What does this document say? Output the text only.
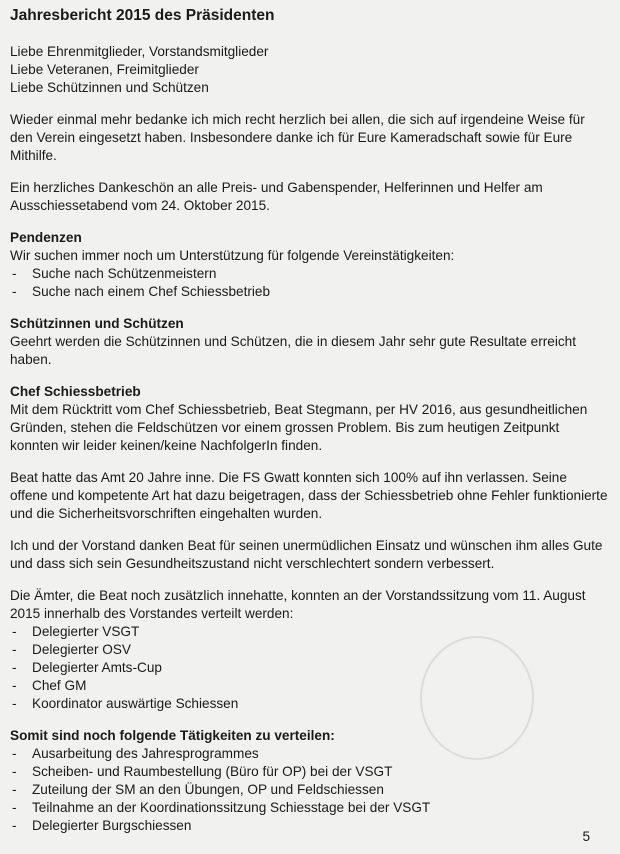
Jahresbericht 2015 des Präsidenten

Liebe Ehrenmitglieder, Vorstandsmitglieder

Liebe Veteranen, Freimitglieder

Liebe Schützinnen und Schützen

Wieder einmal mehr bedanke ich mich recht herzlich bei allen, die sich auf irgendeine Weise für den Verein eingesetzt haben. Insbesondere danke ich für Eure Kameradschaft sowie für Eure Mithilfe.

Ein herzliches Dankeschön an alle Preis- und Gabenspender, Helferinnen und Helfer am Ausschiessetabend vom 24. Oktober 2015.

Pendenzen

Wir suchen immer noch um Unterstützung für folgende Vereinstätigkeiten:

- Suche nach Schützenmeistern
- Suche nach einem Chef Schiessbetrieb
Schützinnen und Schützen

Geehrt werden die Schützinnen und Schützen, die in diesem Jahr sehr gute Resultate erreicht haben.

Chef Schiessbetrieb

Mit dem Rücktritt vom Chef Schiessbetrieb, Beat Stegmann, per HV 2016, aus gesundheitlichen Gründen, stehen die Feldschützen vor einem grossen Problem. Bis zum heutigen Zeitpunkt konnten wir leider keinen/keine NachfolgerIn finden.

Beat hatte das Amt 20 Jahre inne. Die FS Gwatt konnten sich 100% auf ihn verlassen. Seine offene und kompetente Art hat dazu beigetragen, dass der Schiessbetrieb ohne Fehler funktionierte und die Sicherheitsvorschriften eingehalten wurden.

Ich und der Vorstand danken Beat für seinen unermüdlichen Einsatz und wünschen ihm alles Gute und dass sich sein Gesundheitszustand nicht verschlechtert sondern verbessert.

Die Ämter, die Beat noch zusätzlich innehatte, konnten an der Vorstandssitzung vom 11. August 2015 innerhalb des Vorstandes verteilt werden:

- Delegierter VSGT
- Delegierter OSV
- Delegierter Amts-Cup
- Chef GM
- Koordinator auswärtige Schiessen
Somit sind noch folgende Tätigkeiten zu verteilen:
- Ausarbeitung des Jahresprogrammes
- Scheiben- und Raumbestellung (Büro für OP) bei der VSGT
- Zuteilung der SM an den Übungen, OP und Feldschiessen
- Teilnahme an der Koordinationssitzung Schiesstage bei der VSGT
- Delegierter Burgschiessen
5
